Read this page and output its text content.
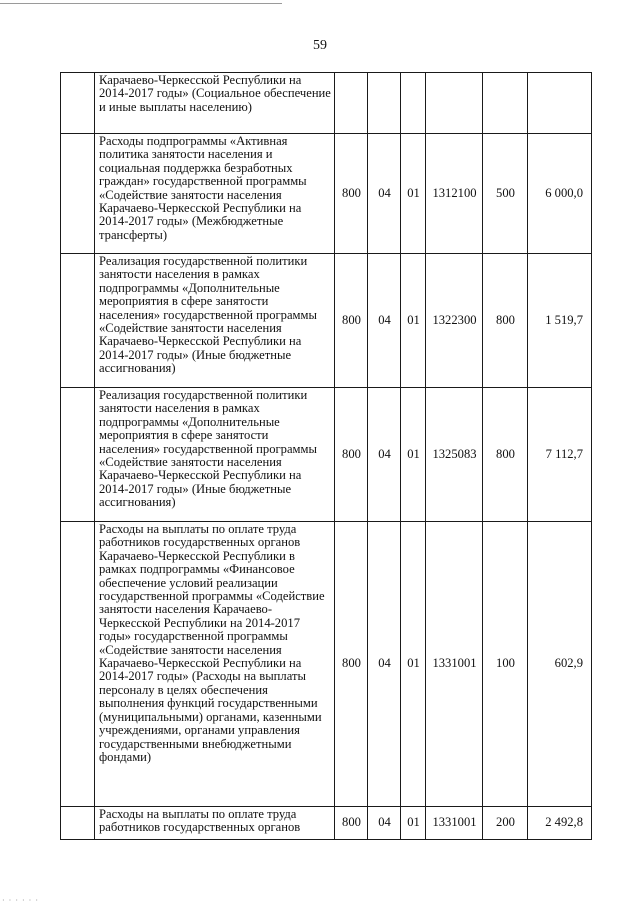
59
	Карачаево-Черкесской Республики на 2014-2017 годы» (Социальное обеспечение и иные выплаты населению)						
	Расходы подпрограммы «Активная политика занятости населения и социальная поддержка безработных граждан» государственной программы «Содействие занятости населения Карачаево-Черкесской Республики на 2014-2017 годы» (Межбюджетные трансферты)	800	04	01	1312100	500	6 000,0
	Реализация государственной политики занятости населения в рамках подпрограммы «Дополнительные мероприятия в сфере занятости населения» государственной программы «Содействие занятости населения Карачаево-Черкесской Республики на 2014-2017 годы» (Иные бюджетные ассигнования)	800	04	01	1322300	800	1 519,7
	Реализация государственной политики занятости населения в рамках подпрограммы «Дополнительные мероприятия в сфере занятости населения» государственной программы «Содействие занятости населения Карачаево-Черкесской Республики на 2014-2017 годы» (Иные бюджетные ассигнования)	800	04	01	1325083	800	7 112,7
	Расходы на выплаты по оплате труда работников государственных органов Карачаево-Черкесской Республики в рамках подпрограммы «Финансовое обеспечение условий реализации государственной программы «Содействие занятости населения Карачаево-Черкесской Республики на 2014-2017 годы» государственной программы «Содействие занятости населения Карачаево-Черкесской Республики на 2014-2017 годы» (Расходы на выплаты персоналу в целях обеспечения выполнения функций государственными (муниципальными) органами, казенными учреждениями, органами управления государственными внебюджетными фондами)	800	04	01	1331001	100	602,9
	Расходы на выплаты по оплате труда работников государственных органов	800	04	01	1331001	200	2 492,8
· · · · · ·
